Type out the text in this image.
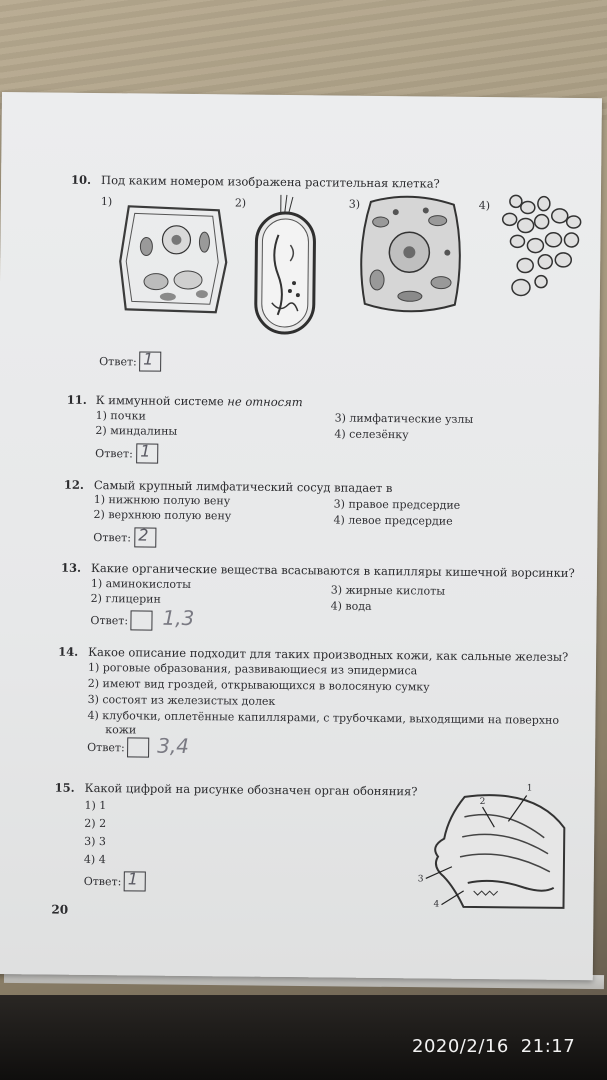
10. Под каким номером изображена растительная клетка?
1)	2)	3)	4)
Ответ: 1
11. К иммунной системе не относят
1) почки
2) миндалины
3) лимфатические узлы
4) селезёнку
Ответ: 1
12. Самый крупный лимфатический сосуд впадает в
1) нижнюю полую вену
2) верхнюю полую вену
3) правое предсердие
4) левое предсердие
Ответ: 2
13. Какие органические вещества всасываются в капилляры кишечной ворсинки?
1) аминокислоты
2) глицерин
3) жирные кислоты
4) вода
Ответ: 1,3
14. Какое описание подходит для таких производных кожи, как сальные железы?
1) роговые образования, развивающиеся из эпидермиса
2) имеют вид гроздей, открывающихся в волосяную сумку
3) состоят из железистых долек
4) клубочки, оплетённые капиллярами, с трубочками, выходящими на поверхно
кожи
Ответ: 3,4
15. Какой цифрой на рисунке обозначен орган обоняния?
1) 1
2) 2
3) 3
4) 4
Ответ: 1
1
2
3
4
20
2020/2/16 21:17
